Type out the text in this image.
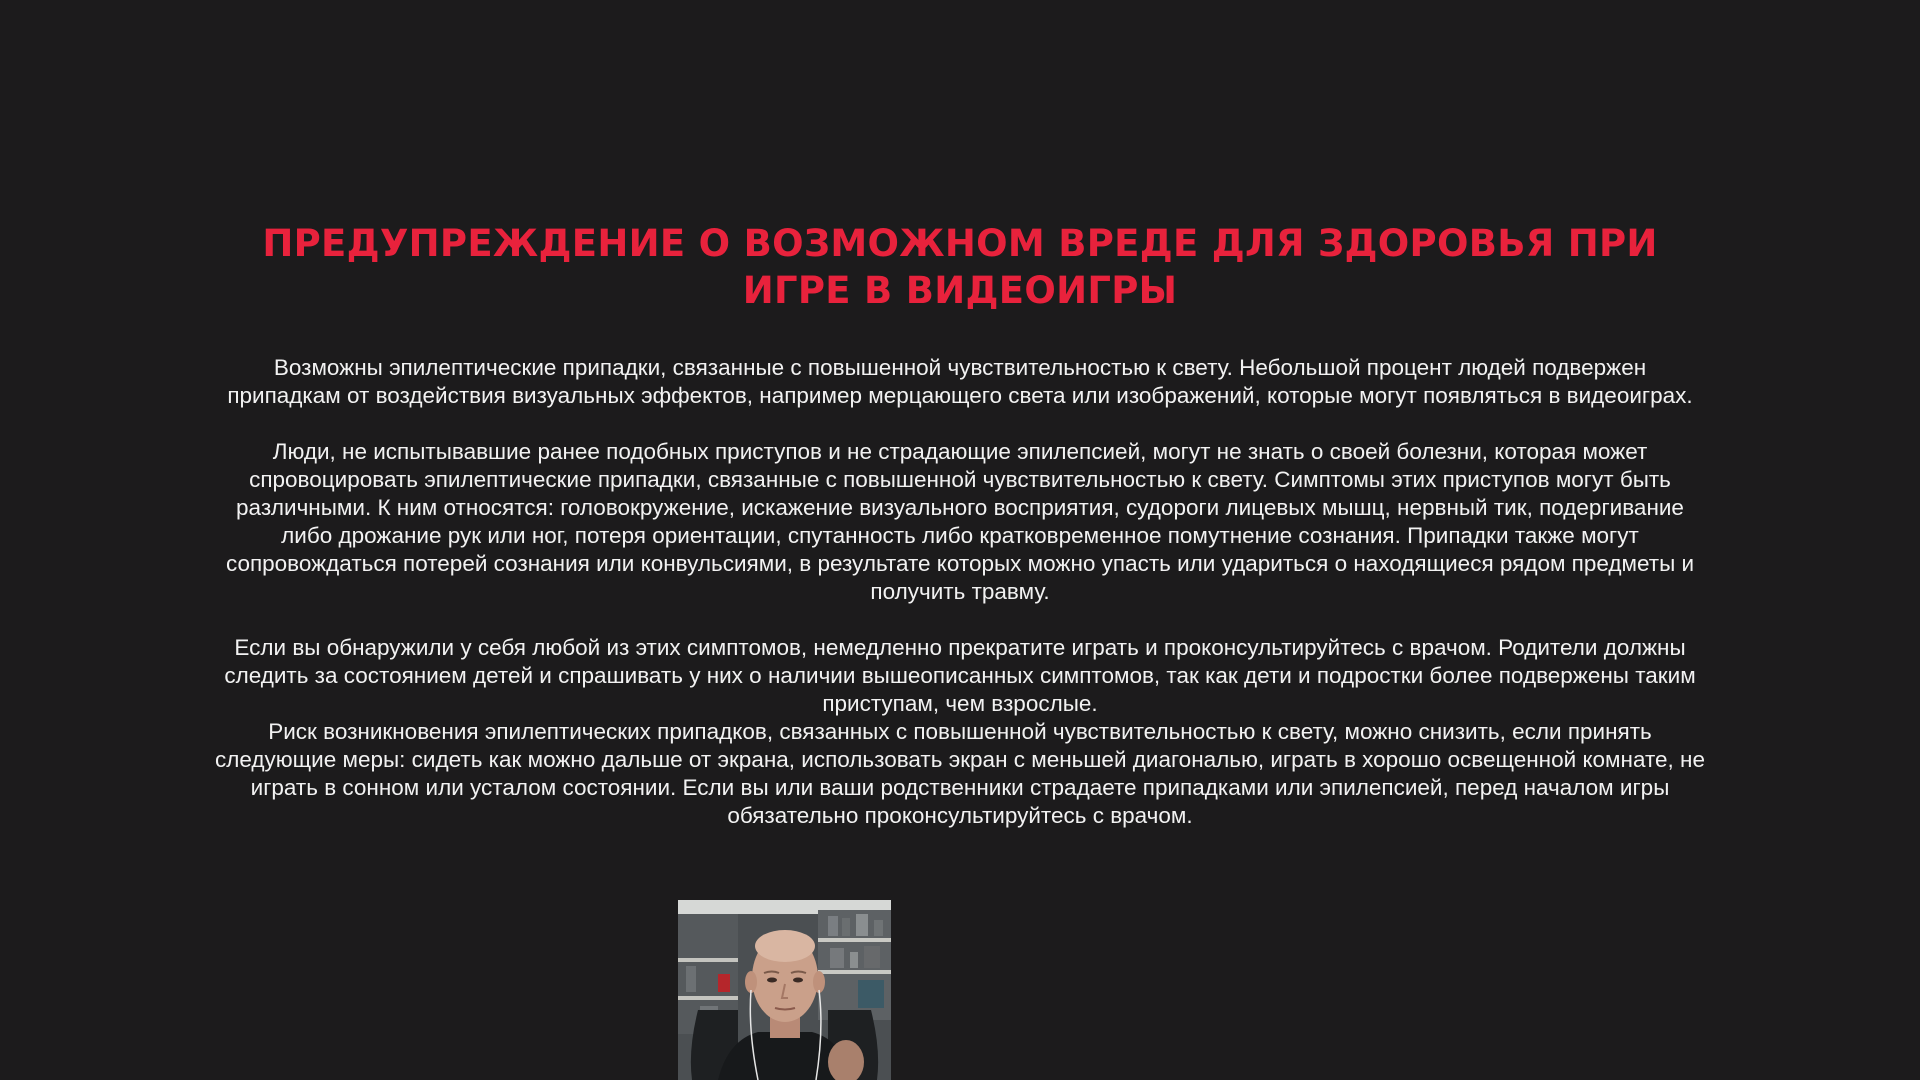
ПРЕДУПРЕЖДЕНИЕ О ВОЗМОЖНОМ ВРЕДЕ ДЛЯ ЗДОРОВЬЯ ПРИ ИГРЕ В ВИДЕОИГРЫ

Возможны эпилептические припадки, связанные с повышенной чувствительностью к свету. Небольшой процент людей подвержен припадкам от воздействия визуальных эффектов, например мерцающего света или изображений, которые могут появляться в видеоиграх.

Люди, не испытывавшие ранее подобных приступов и не страдающие эпилепсией, могут не знать о своей болезни, которая может спровоцировать эпилептические припадки, связанные с повышенной чувствительностью к свету. Симптомы этих приступов могут быть различными. К ним относятся: головокружение, искажение визуального восприятия, судороги лицевых мышц, нервный тик, подергивание либо дрожание рук или ног, потеря ориентации, спутанность либо кратковременное помутнение сознания. Припадки также могут сопровождаться потерей сознания или конвульсиями, в результате которых можно упасть или удариться о находящиеся рядом предметы и получить травму.

Если вы обнаружили у себя любой из этих симптомов, немедленно прекратите играть и проконсультируйтесь с врачом. Родители должны следить за состоянием детей и спрашивать у них о наличии вышеописанных симптомов, так как дети и подростки более подвержены таким приступам, чем взрослые.

Риск возникновения эпилептических припадков, связанных с повышенной чувствительностью к свету, можно снизить, если принять следующие меры: сидеть как можно дальше от экрана, использовать экран с меньшей диагональю, играть в хорошо освещенной комнате, не играть в сонном или усталом состоянии. Если вы или ваши родственники страдаете припадками или эпилепсией, перед началом игры обязательно проконсультируйтесь с врачом.
